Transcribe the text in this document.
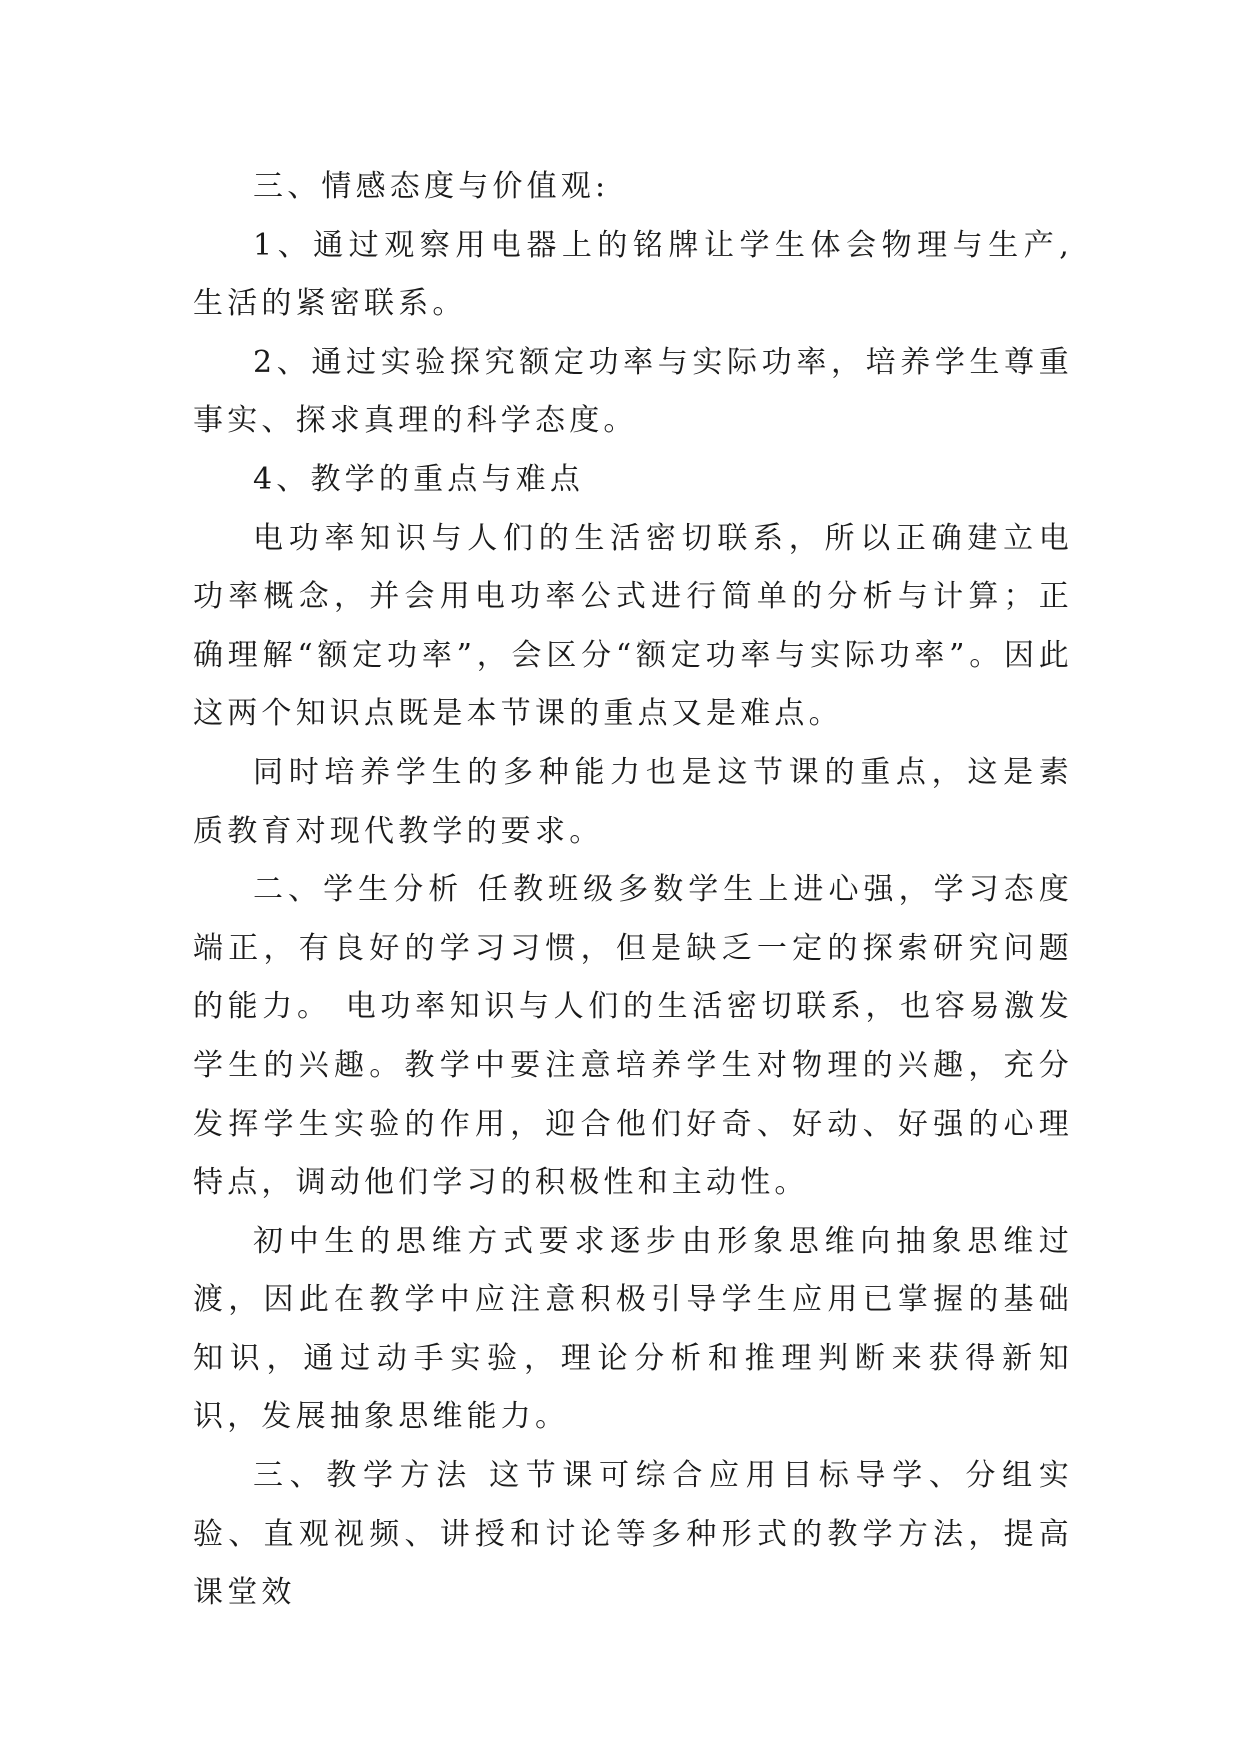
三、情感态度与价值观:

1、通过观察用电器上的铭牌让学生体会物理与生产,生活的紧密联系。

2、通过实验探究额定功率与实际功率，培养学生尊重事实、探求真理的科学态度。

4、教学的重点与难点

电功率知识与人们的生活密切联系，所以正确建立电功率概念，并会用电功率公式进行简单的分析与计算；正确理解“额定功率”，会区分“额定功率与实际功率”。因此这两个知识点既是本节课的重点又是难点。

同时培养学生的多种能力也是这节课的重点，这是素质教育对现代教学的要求。

二、学生分析 任教班级多数学生上进心强，学习态度端正，有良好的学习习惯，但是缺乏一定的探索研究问题的能力。 电功率知识与人们的生活密切联系，也容易激发学生的兴趣。教学中要注意培养学生对物理的兴趣，充分发挥学生实验的作用，迎合他们好奇、好动、好强的心理特点，调动他们学习的积极性和主动性。

初中生的思维方式要求逐步由形象思维向抽象思维过渡，因此在教学中应注意积极引导学生应用已掌握的基础知识，通过动手实验，理论分析和推理判断来获得新知识，发展抽象思维能力。

三、教学方法 这节课可综合应用目标导学、分组实验、直观视频、讲授和讨论等多种形式的教学方法，提高课堂效
